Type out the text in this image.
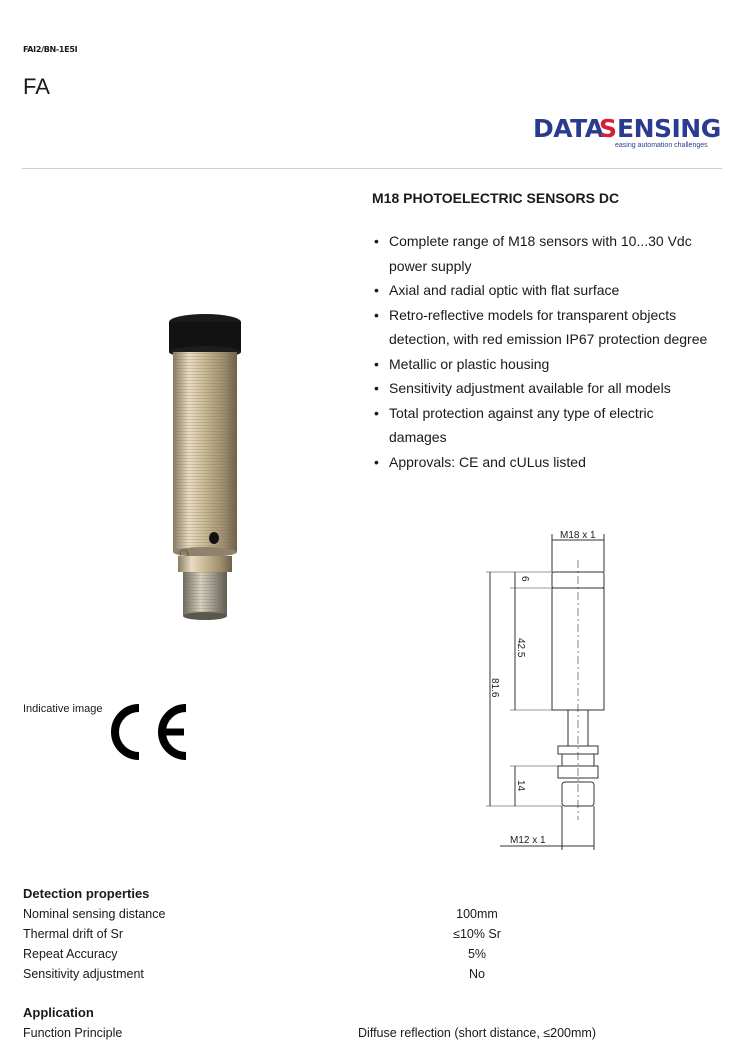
FAI2/BN-1E5I
FA
DATA
S ENSING
easing automation challenges
M18 PHOTOELECTRIC SENSORS DC
• Complete range of M18 sensors with 10...30 Vdc power supply
• Axial and radial optic with flat surface
• Retro-reflective models for transparent objects detection, with red emission IP67 protection degree
• Metallic or plastic housing
• Sensitivity adjustment available for all models
• Total protection against any type of electric damages
• Approvals: CE and cULus listed
Indicative image
M18 x 1
M12 x 1
6
42.5
81.6
14
Detection properties
Nominal sensing distance	100mm
Thermal drift of Sr	≤10% Sr
Repeat Accuracy	5%
Sensitivity adjustment	No
Application
Function Principle	Diffuse reflection (short distance, ≤200mm)
